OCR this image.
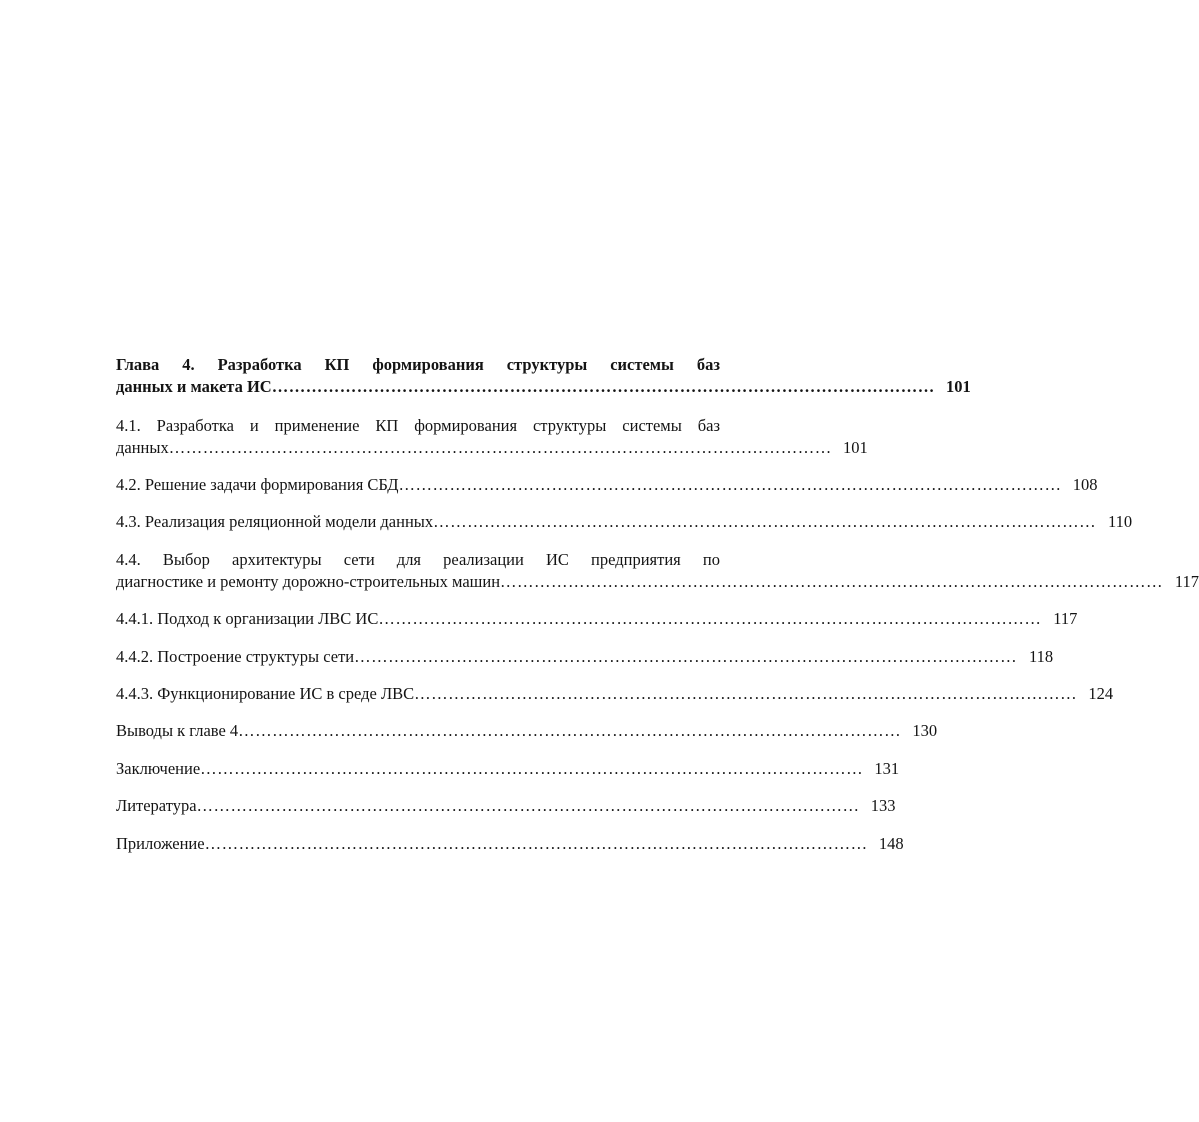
Глава 4. Разработка КП формирования структуры системы баз
данных и макета ИС ……………………………………………………………………………………………………… 101
4.1. Разработка и применение КП формирования структуры системы баз
данных ……………………………………………………………………………………………………… 101
4.2. Решение задачи формирования СБД ……………………………………………………………………………………………………… 108
4.3. Реализация реляционной модели данных ……………………………………………………………………………………………………… 110
4.4. Выбор архитектуры сети для реализации ИС предприятия по
диагностике и ремонту дорожно-строительных машин ……………………………………………………………………………………………………… 117
4.4.1. Подход к организации ЛВС ИС ……………………………………………………………………………………………………… 117
4.4.2. Построение структуры сети ……………………………………………………………………………………………………… 118
4.4.3. Функционирование ИС в среде ЛВС ……………………………………………………………………………………………………… 124
Выводы к главе 4 ……………………………………………………………………………………………………… 130
Заключение ……………………………………………………………………………………………………… 131
Литература ……………………………………………………………………………………………………… 133
Приложение ……………………………………………………………………………………………………… 148
